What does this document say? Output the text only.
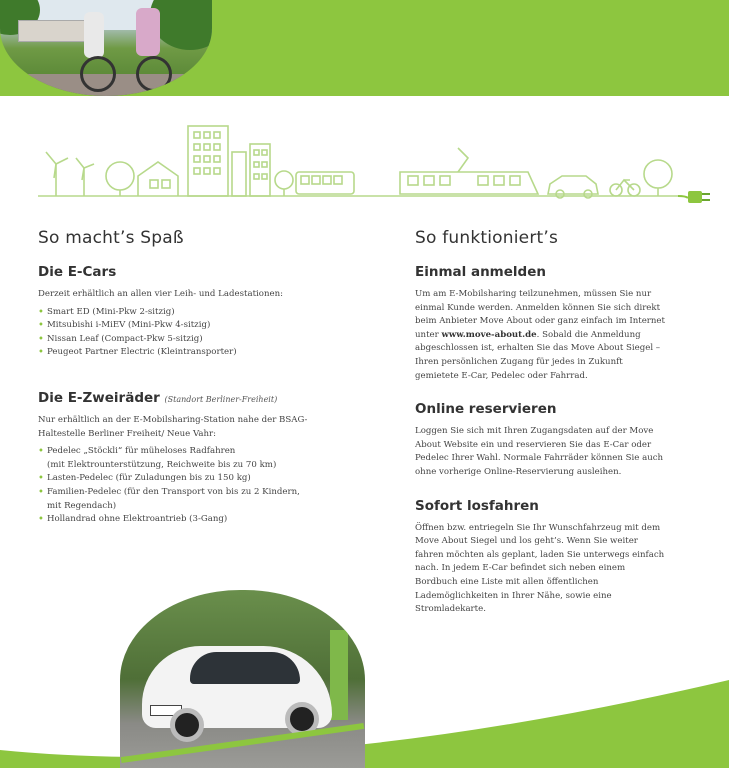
So macht’s Spaß
Die E-Cars

Derzeit erhältlich an allen vier Leih- und Ladestationen:

• Smart ED (Mini-Pkw 2-sitzig)
• Mitsubishi i-MiEV (Mini-Pkw 4-sitzig)
• Nissan Leaf (Compact-Pkw 5-sitzig)
• Peugeot Partner Electric (Kleintransporter)
Die E-Zweiräder (Standort Berliner-Freiheit)

Nur erhältlich an der E-Mobilsharing-Station nahe der BSAG-Haltestelle Berliner Freiheit/ Neue Vahr:

• Pedelec „Stöckli“ für müheloses Radfahren
(mit Elektrounterstützung, Reichweite bis zu 70 km)
• Lasten-Pedelec (für Zuladungen bis zu 150 kg)
• Familien-Pedelec (für den Transport von bis zu 2 Kindern,
mit Regendach)
• Hollandrad ohne Elektroantrieb (3-Gang)
So funktioniert’s
Einmal anmelden

Um am E-Mobilsharing teilzunehmen, müssen Sie nur einmal Kunde werden. Anmelden können Sie sich direkt beim Anbieter Move About oder ganz einfach im Internet unter www.move-about.de. Sobald die Anmeldung abgeschlossen ist, erhalten Sie das Move About Siegel – Ihren persönlichen Zugang für jedes in Zukunft gemietete E-Car, Pedelec oder Fahrrad.

Online reservieren

Loggen Sie sich mit Ihren Zugangsdaten auf der Move About Website ein und reservieren Sie das E-Car oder Pedelec Ihrer Wahl. Normale Fahrräder können Sie auch ohne vorherige Online-Reservierung ausleihen.

Sofort losfahren

Öffnen bzw. entriegeln Sie Ihr Wunschfahrzeug mit dem Move About Siegel und los geht’s. Wenn Sie weiter fahren möchten als geplant, laden Sie unterwegs einfach nach. In jedem E-Car befindet sich neben einem Bordbuch eine Liste mit allen öffentlichen Lademöglichkeiten in Ihrer Nähe, sowie eine Stromladekarte.
